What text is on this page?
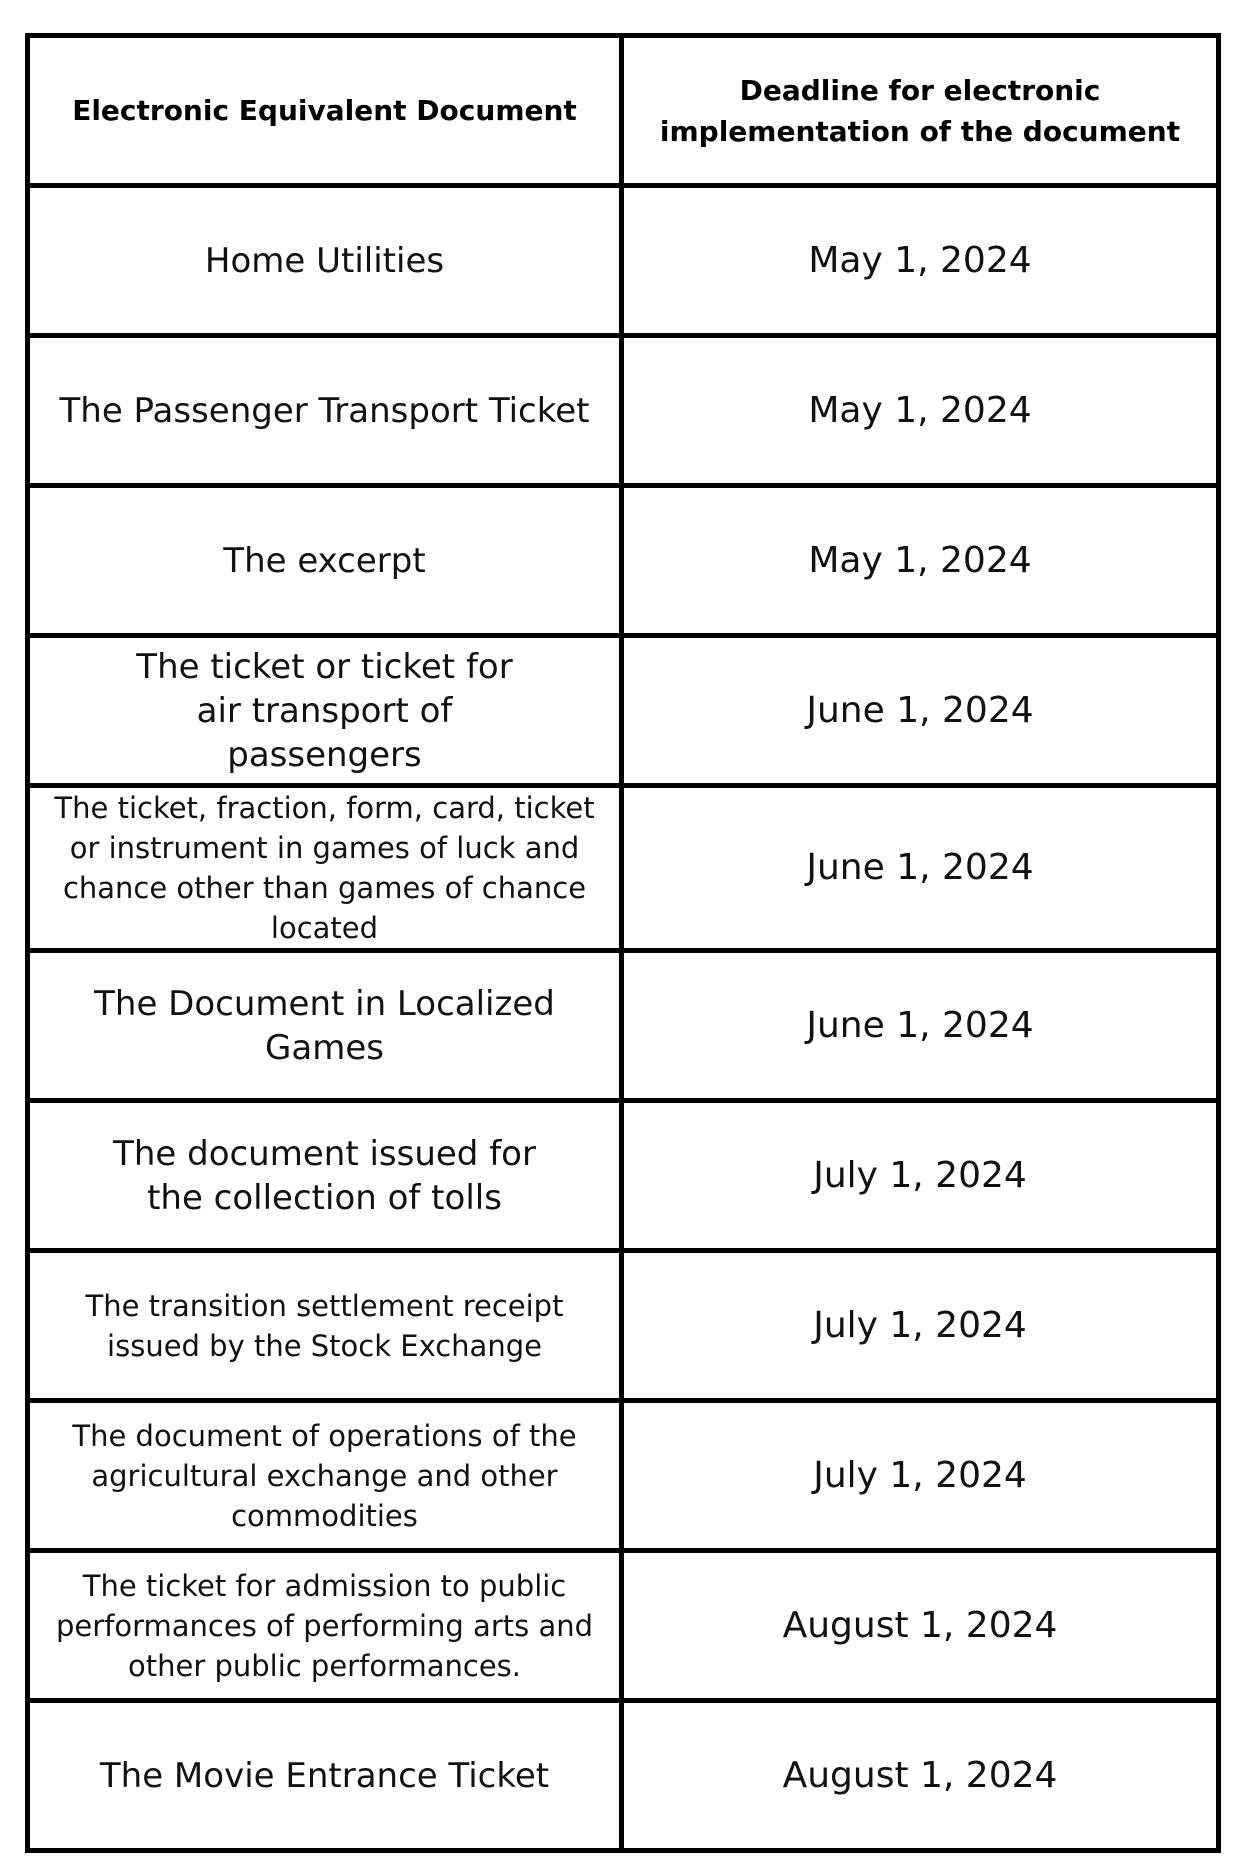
Electronic Equivalent Document	Deadline for electronic implementation of the document
Home Utilities	May 1, 2024
The Passenger Transport Ticket	May 1, 2024
The excerpt	May 1, 2024
The ticket or ticket for air transport of passengers	June 1, 2024
The ticket, fraction, form, card, ticket or instrument in games of luck and chance other than games of chance located	June 1, 2024
The Document in Localized Games	June 1, 2024
The document issued for the collection of tolls	July 1, 2024
The transition settlement receipt issued by the Stock Exchange	July 1, 2024
The document of operations of the agricultural exchange and other commodities	July 1, 2024
The ticket for admission to public performances of performing arts and other public performances.	August 1, 2024
The Movie Entrance Ticket	August 1, 2024
